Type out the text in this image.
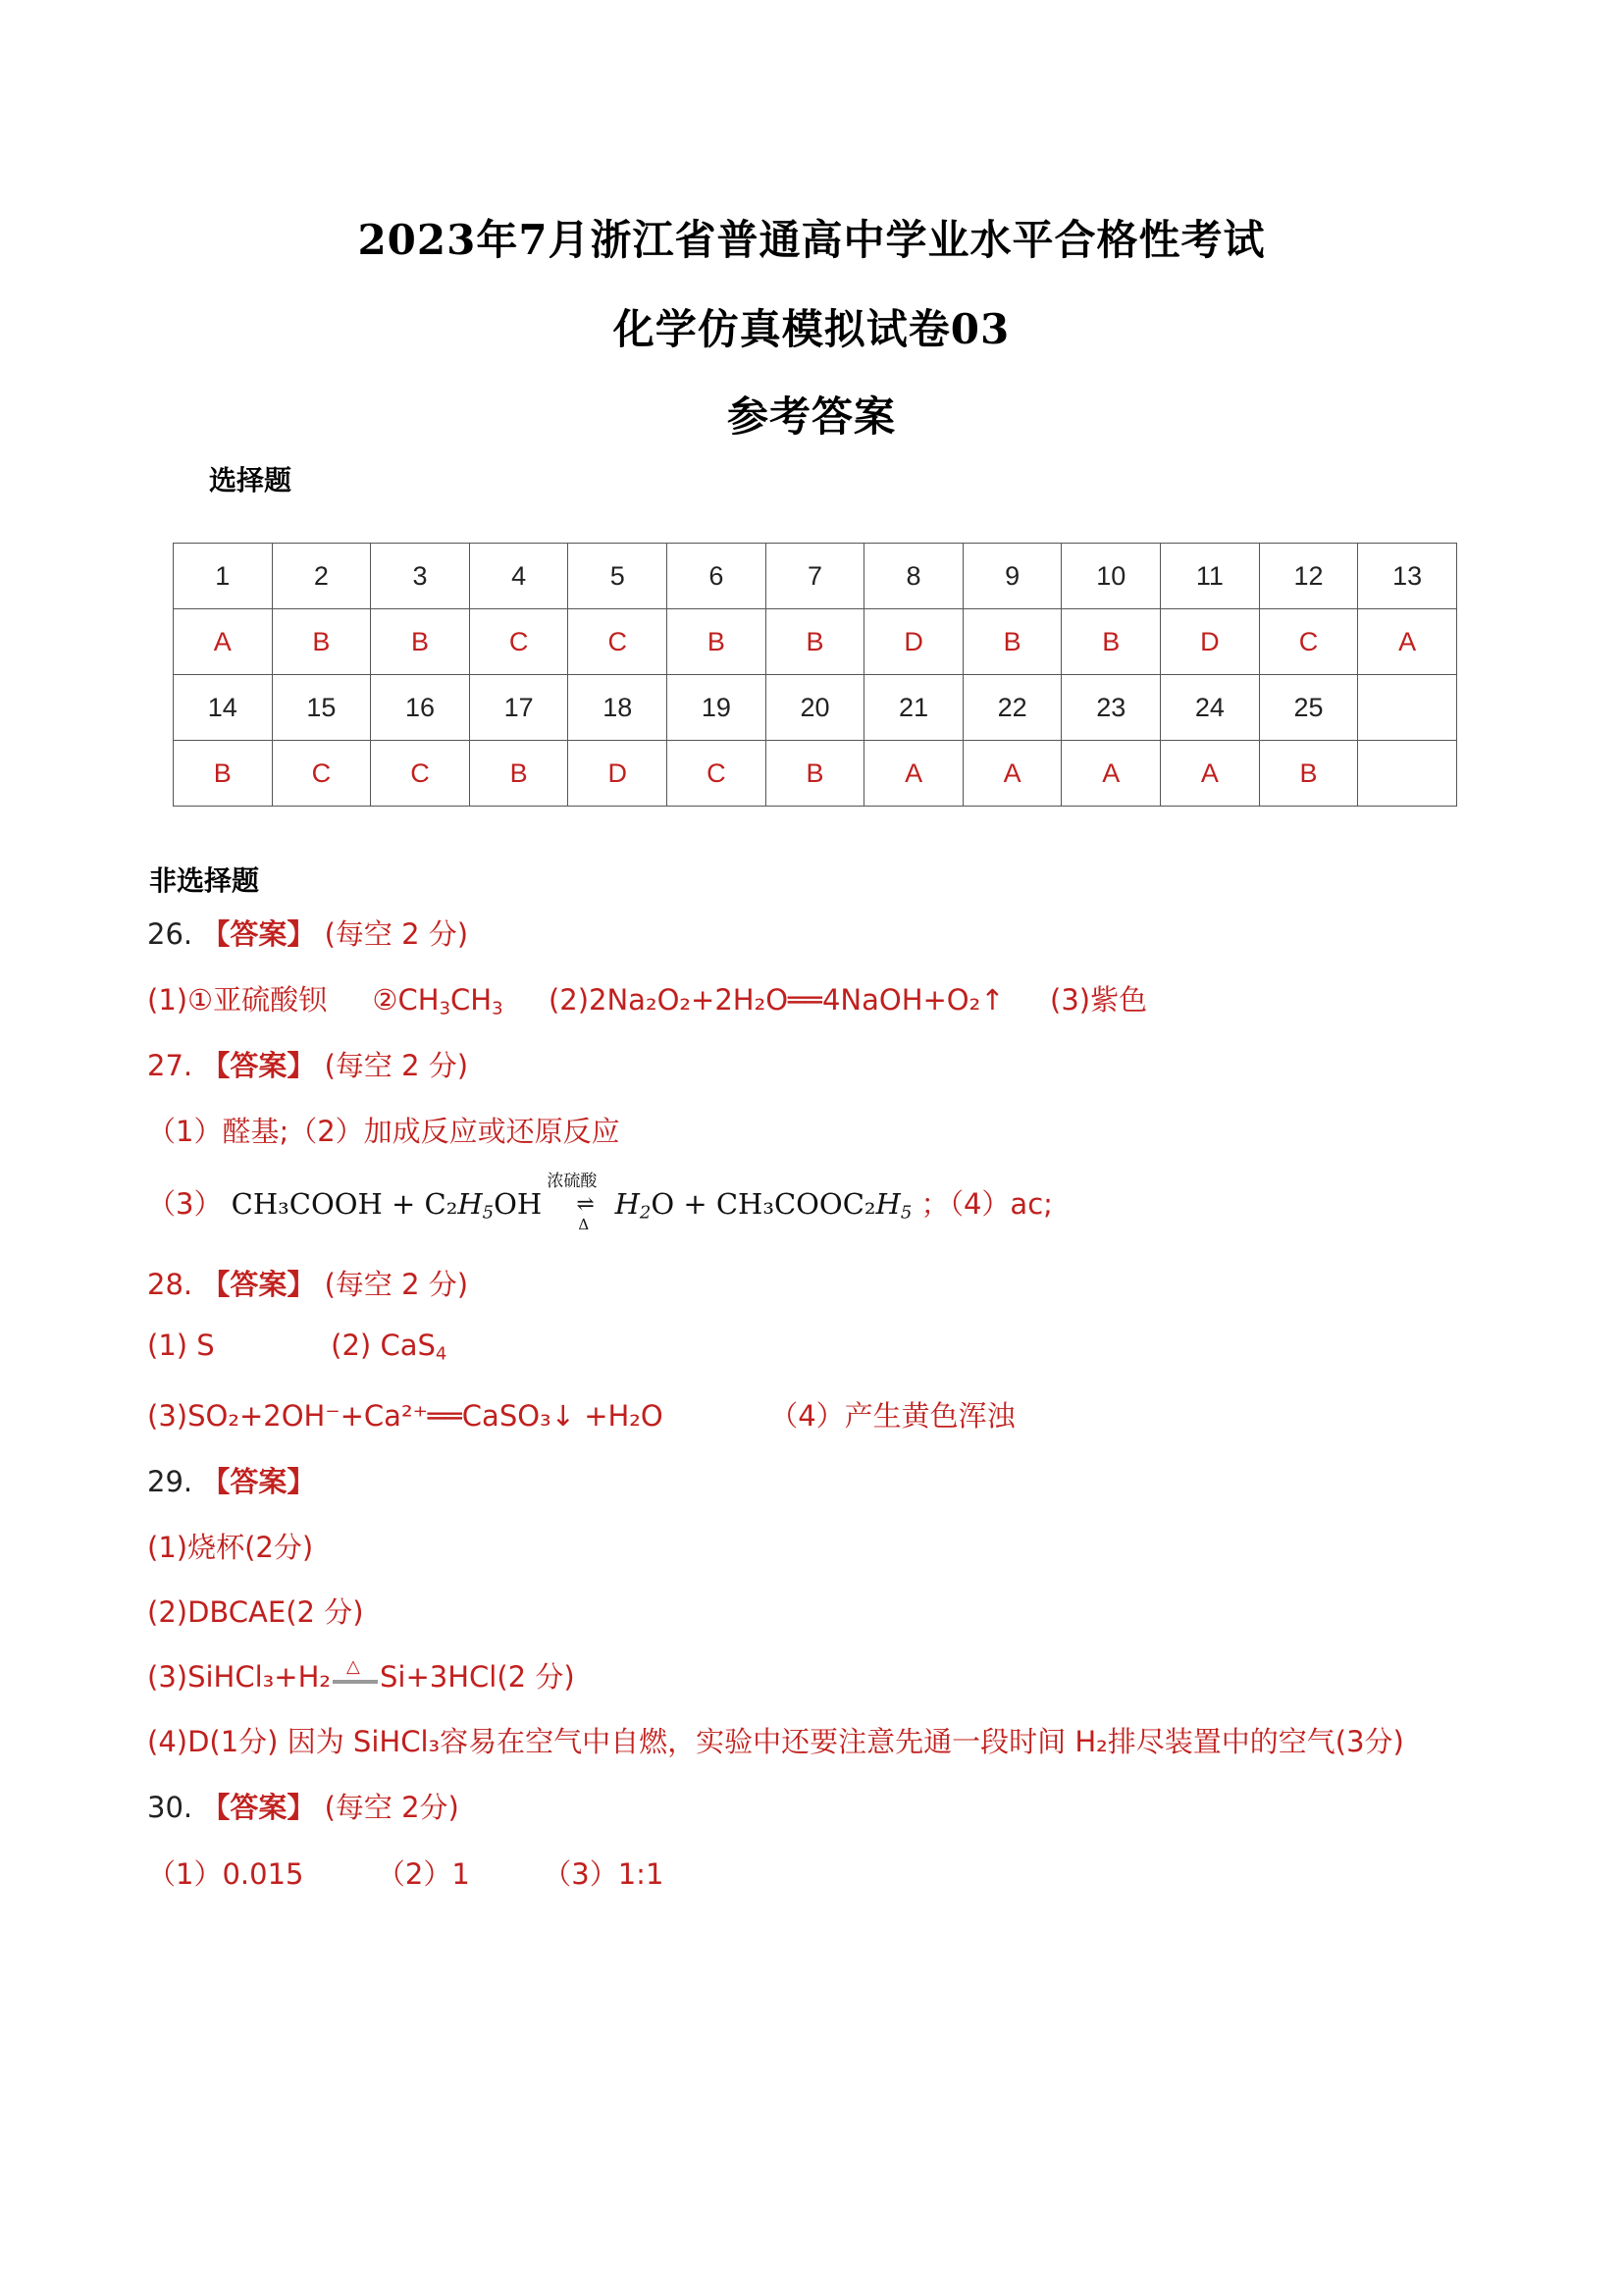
2023年7月浙江省普通高中学业水平合格性考试
化学仿真模拟试卷03
参考答案
选择题
1	2	3	4	5	6	7	8	9	10	11	12	13
A	B	B	C	C	B	B	D	B	B	D	C	A
14	15	16	17	18	19	20	21	22	23	24	25	
B	C	C	B	D	C	B	A	A	A	A	B	
非选择题
26. 【答案】 (每空 2 分)
(1)①亚硫酸钡 $②CH_3CH_3$ (2)2Na₂O₂+2H₂O══4NaOH+O₂↑ (3)紫色
27. 【答案】 (每空 2 分)
（1）醛基;（2）加成反应或还原反应
（3） CH₃COOH + $C_2H_5OH$
浓硫酸
⇌
Δ
$H_2O$ + $CH_3COOC_2H_5$ ；（4）ac;
28. 【答案】 (每空 2 分)
(1) S	(2) CaS$_4$
(3)SO₂+2OH⁻+Ca²⁺══CaSO₃↓ +H₂O	（4）产生黄色浑浊
29. 【答案】
(1)烧杯(2分)
(2)DBCAE(2 分)
(3)SiHCl₃+H₂ △ Si+3HCl(2 分)
(4)D(1分) 因为 SiHCl₃容易在空气中自燃，实验中还要注意先通一段时间 H₂排尽装置中的空气(3分)
30. 【答案】 (每空 2分)
（1）0.015	（2）1	（3）1:1
